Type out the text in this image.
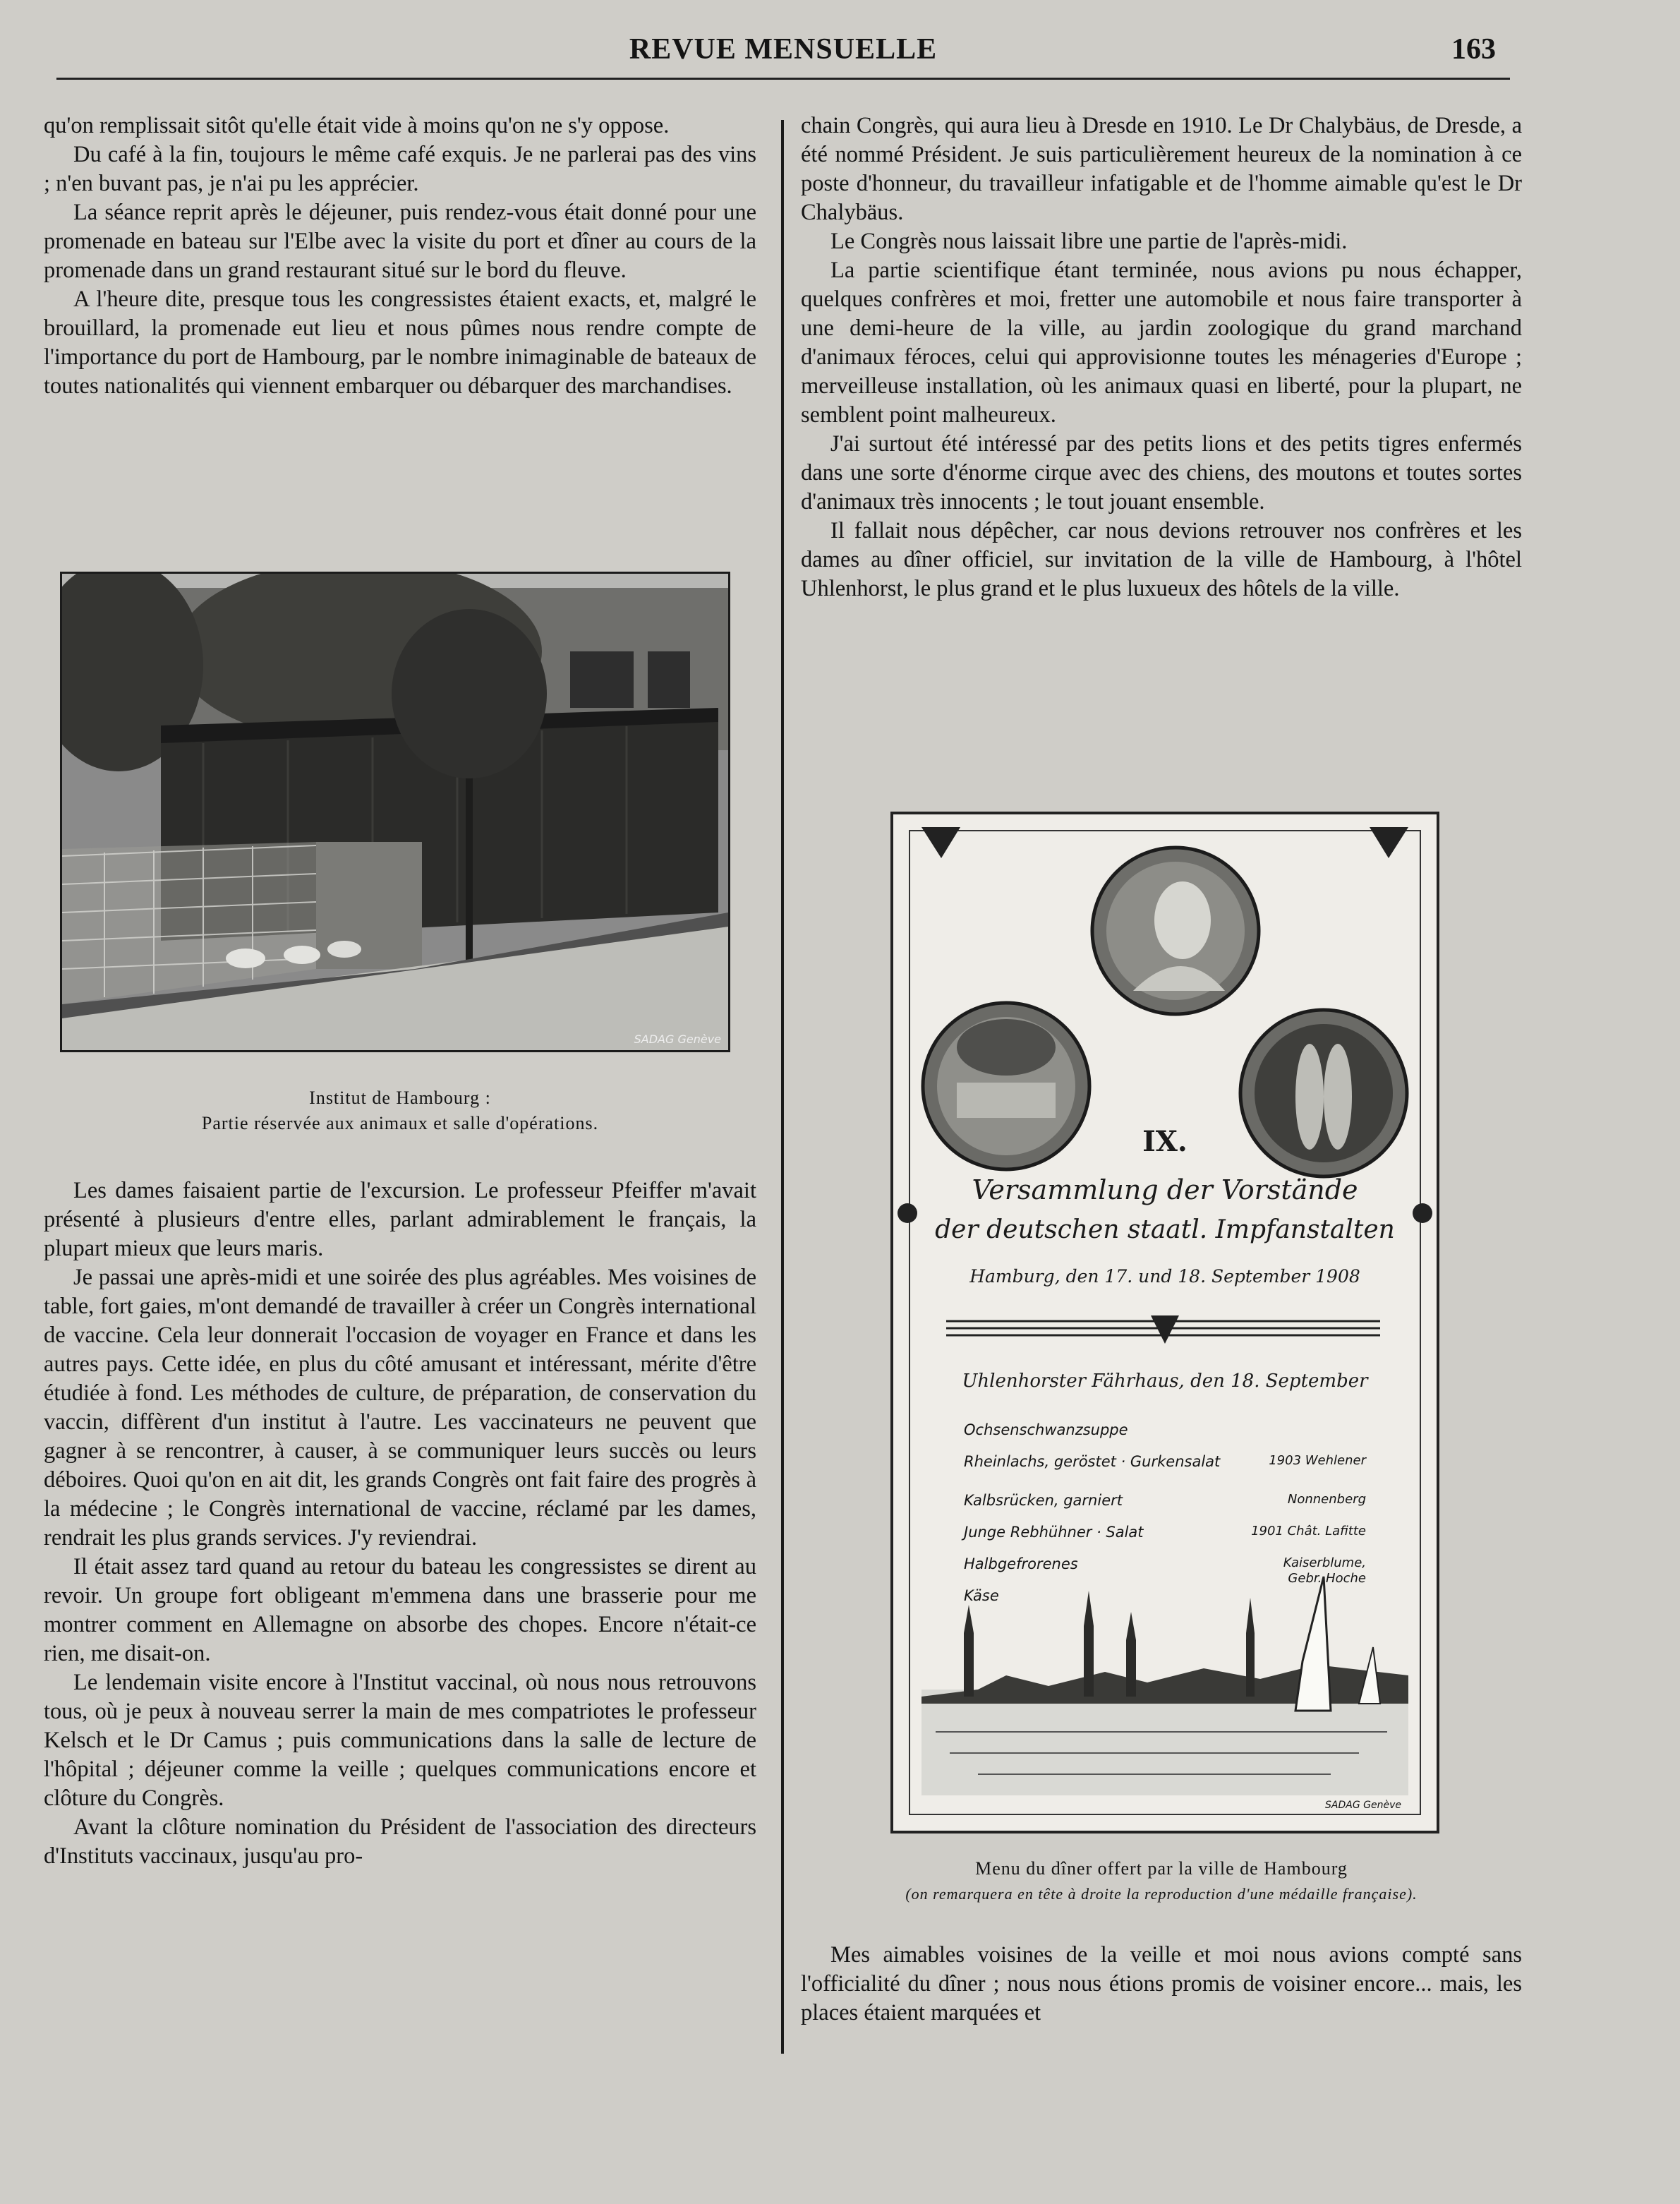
REVUE MENSUELLE	163

qu'on remplissait sitôt qu'elle était vide à moins qu'on ne s'y oppose.

Du café à la fin, toujours le même café exquis. Je ne parlerai pas des vins ; n'en buvant pas, je n'ai pu les apprécier.

La séance reprit après le déjeuner, puis rendez-vous était donné pour une promenade en bateau sur l'Elbe avec la visite du port et dîner au cours de la promenade dans un grand restaurant situé sur le bord du fleuve.

A l'heure dite, presque tous les congressistes étaient exacts, et, malgré le brouillard, la promenade eut lieu et nous pûmes nous rendre compte de l'importance du port de Hambourg, par le nombre inimaginable de bateaux de toutes nationalités qui viennent embarquer ou débarquer des marchandises.

SADAG Genève
Institut de Hambourg :
Partie réservée aux animaux et salle d'opérations.

Les dames faisaient partie de l'excursion. Le professeur Pfeiffer m'avait présenté à plusieurs d'entre elles, parlant admirablement le français, la plupart mieux que leurs maris.

Je passai une après-midi et une soirée des plus agréables. Mes voisines de table, fort gaies, m'ont demandé de travailler à créer un Congrès international de vaccine. Cela leur donnerait l'occasion de voyager en France et dans les autres pays. Cette idée, en plus du côté amusant et intéressant, mérite d'être étudiée à fond. Les méthodes de culture, de préparation, de conservation du vaccin, diffèrent d'un institut à l'autre. Les vaccinateurs ne peuvent que gagner à se rencontrer, à causer, à se communiquer leurs succès ou leurs déboires. Quoi qu'on en ait dit, les grands Congrès ont fait faire des progrès à la médecine ; le Congrès international de vaccine, réclamé par les dames, rendrait les plus grands services. J'y reviendrai.

Il était assez tard quand au retour du bateau les congressistes se dirent au revoir. Un groupe fort obligeant m'emmena dans une brasserie pour me montrer comment en Allemagne on absorbe des chopes. Encore n'était-ce rien, me disait-on.

Le lendemain visite encore à l'Institut vaccinal, où nous nous retrouvons tous, où je peux à nouveau serrer la main de mes compatriotes le professeur Kelsch et le Dr Camus ; puis communications dans la salle de lecture de l'hôpital ; déjeuner comme la veille ; quelques communications encore et clôture du Congrès.

Avant la clôture nomination du Président de l'association des directeurs d'Instituts vaccinaux, jusqu'au pro-

chain Congrès, qui aura lieu à Dresde en 1910. Le Dr Chalybäus, de Dresde, a été nommé Président. Je suis particulièrement heureux de la nomination à ce poste d'honneur, du travailleur infatigable et de l'homme aimable qu'est le Dr Chalybäus.

Le Congrès nous laissait libre une partie de l'après-midi.

La partie scientifique étant terminée, nous avions pu nous échapper, quelques confrères et moi, fretter une automobile et nous faire transporter à une demi-heure de la ville, au jardin zoologique du grand marchand d'animaux féroces, celui qui approvisionne toutes les ménageries d'Europe ; merveilleuse installation, où les animaux quasi en liberté, pour la plupart, ne semblent point malheureux.

J'ai surtout été intéressé par des petits lions et des petits tigres enfermés dans une sorte d'énorme cirque avec des chiens, des moutons et toutes sortes d'animaux très innocents ; le tout jouant ensemble.

Il fallait nous dépêcher, car nous devions retrouver nos confrères et les dames au dîner officiel, sur invitation de la ville de Hambourg, à l'hôtel Uhlenhorst, le plus grand et le plus luxueux des hôtels de la ville.

IX.
Versammlung der Vorstände
der deutschen staatl. Impfanstalten
Hamburg, den 17. und 18. September 1908
Uhlenhorster Fährhaus, den 18. September
Ochsenschwanzsuppe
Rheinlachs, geröstet · Gurkensalat	1903 Wehlener
Kalbsrücken, garniert	Nonnenberg
Junge Rebhühner · Salat	1901 Chât. Lafitte
Halbgefrorenes	Kaiserblume, Gebr. Hoche
Käse
SADAG Genève
Menu du dîner offert par la ville de Hambourg
(on remarquera en tête à droite la reproduction d'une médaille française).

Mes aimables voisines de la veille et moi nous avions compté sans l'officialité du dîner ; nous nous étions promis de voisiner encore... mais, les places étaient marquées et
